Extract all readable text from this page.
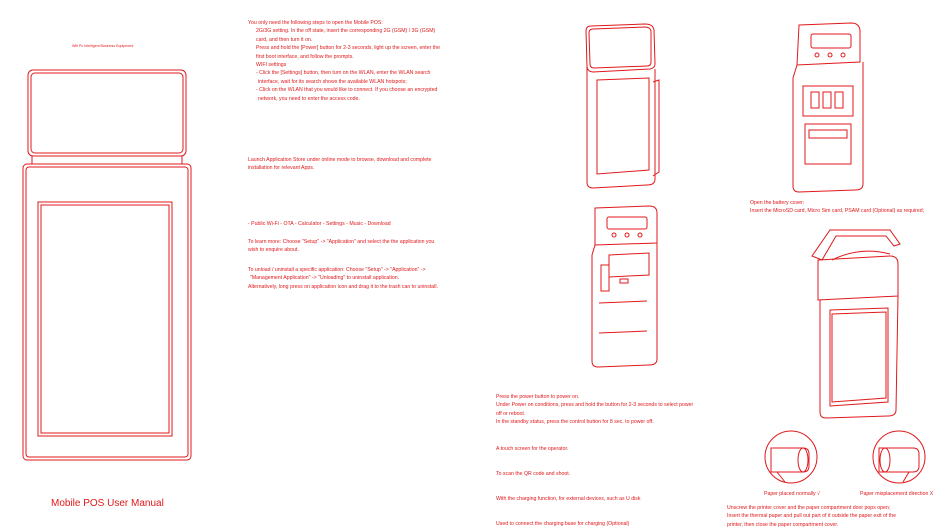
Wifi Pc Intelligent Business Equipment
Mobile POS User Manual
You only need the following steps to open the Mobile POS:
2G/3G setting. In the off state, insert the corresponding 2G (GSM) / 3G (GSM)
card, and then turn it on.
Press and hold the [Power] button for 2-3 seconds, light up the screen, enter the
first boot interface, and follow the prompts.
WIFI settings
- Click the [Settings] button, then turn on the WLAN, enter the WLAN search
interface, wait for its search shows the available WLAN hotspots;
- Click on the WLAN that you would like to connect. If you choose an encrypted
network, you need to enter the access code.
Launch Application Store under online mode to browse, download and complete
installation for relevant Apps.
- Public Wi-Fi - OTA - Calculator - Settings - Music - Download
To learn more: Choose "Setup" -> "Application" and select the the application you
wish to enquire about.
To unload / uninstall a specific application: Choose "Setup" -> "Application" ->
"Management Application" -> "Unloading" to uninstall application.
Alternatively, long press on application icon and drag it to the trash can to uninstall.
Open the battery cover;
Insert the MicroSD card, Micro Sim card, PSAM card (Optional) as required;
Paper placed normally √	Paper misplacement direction X
Unscrew the printer cover and the paper compartment door pops open;
Insert the thermal paper and pull out part of it outside the paper exit of the
printer, then close the paper compartment cover.
Press the power button to power on.
Under Power on conditions, press and hold the button for 2-3 seconds to select power
off or reboot.
In the standby status, press the control button for 8 sec. to power off.
A touch screen for the operator.
To scan the QR code and shoot.
With the charging function, for external devices, such as U disk
Used to connect the charging base for charging (Optional)
